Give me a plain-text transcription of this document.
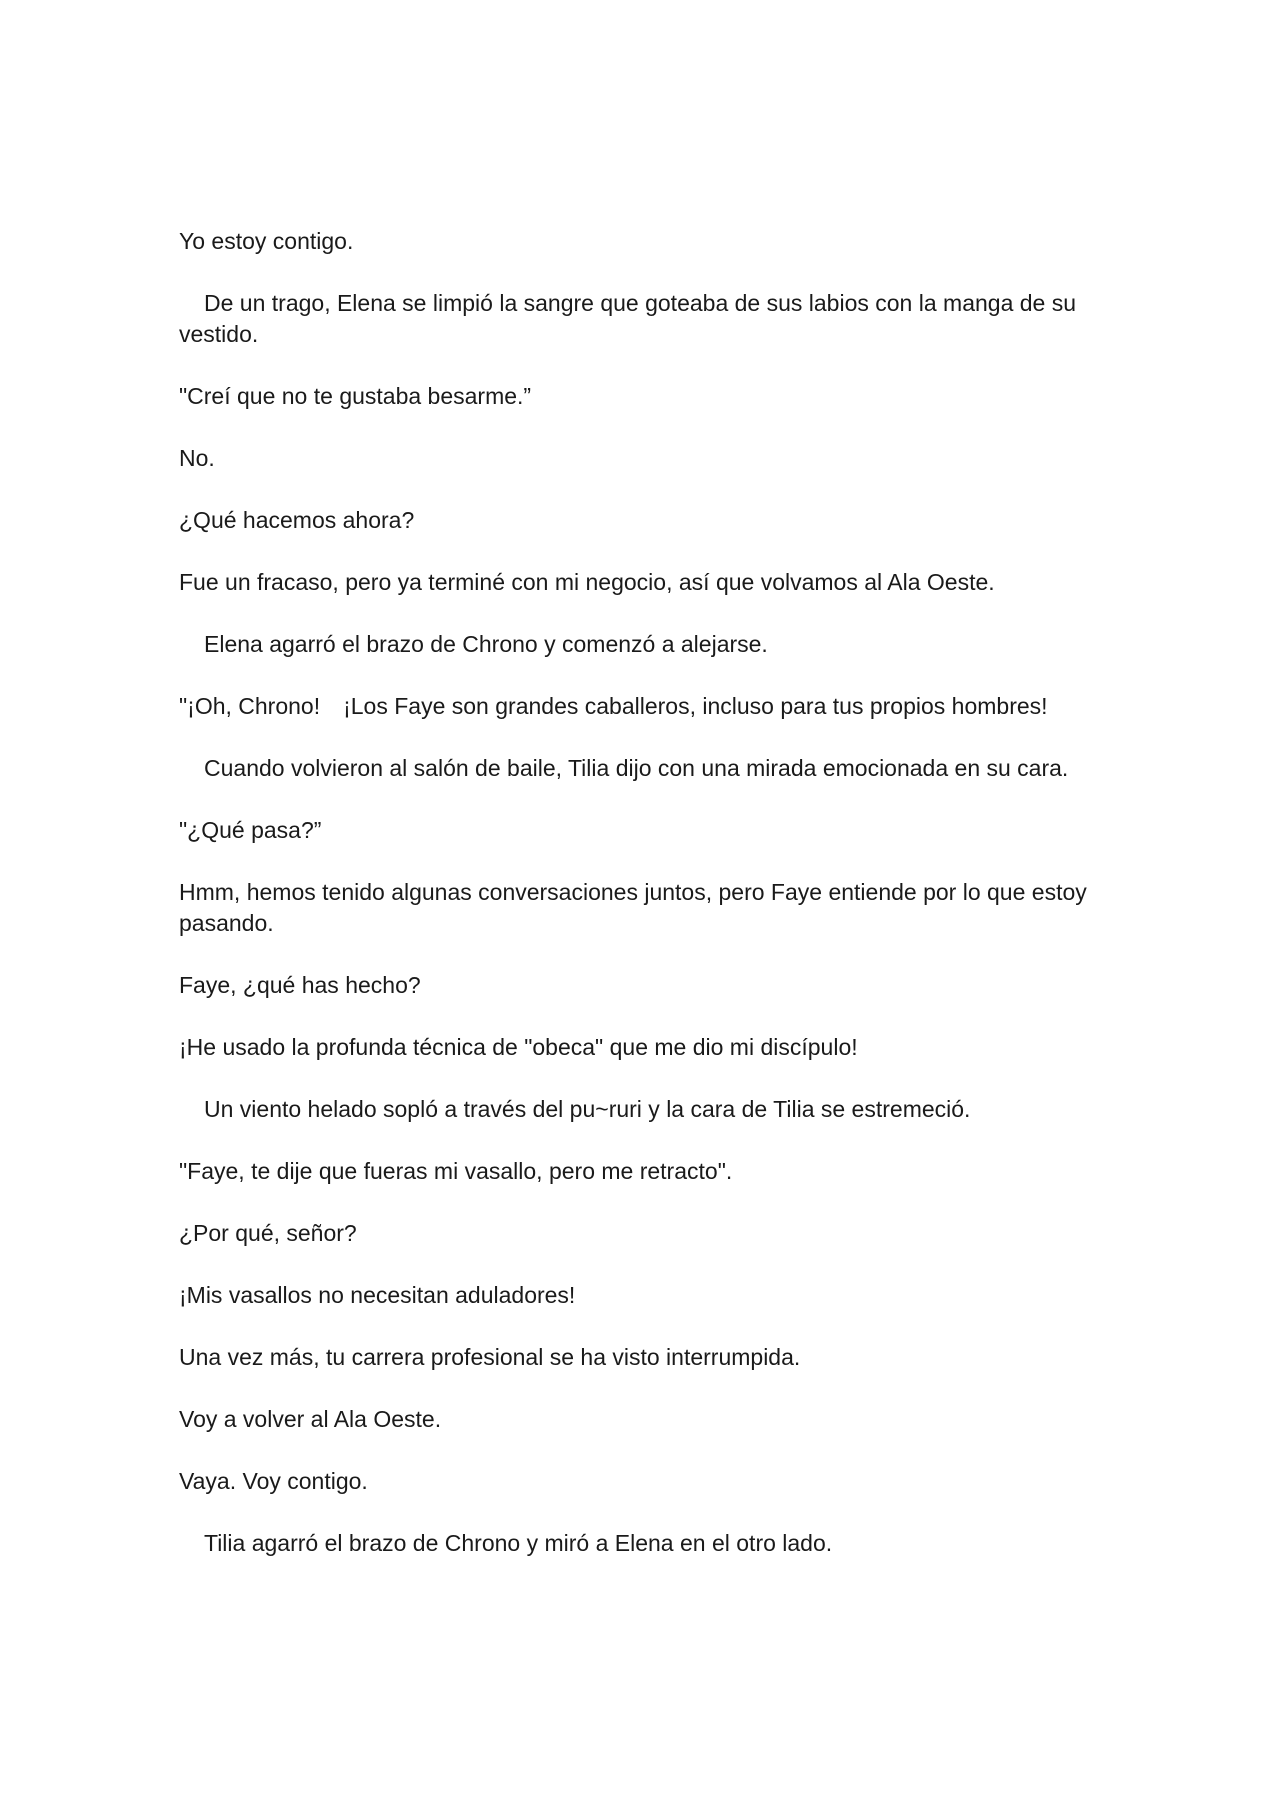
Yo estoy contigo.

De un trago, Elena se limpió la sangre que goteaba de sus labios con la manga de su vestido.

"Creí que no te gustaba besarme.”

No.

¿Qué hacemos ahora?

Fue un fracaso, pero ya terminé con mi negocio, así que volvamos al Ala Oeste.

Elena agarró el brazo de Chrono y comenzó a alejarse.

"¡Oh, Chrono!　¡Los Faye son grandes caballeros, incluso para tus propios hombres!

Cuando volvieron al salón de baile, Tilia dijo con una mirada emocionada en su cara.

"¿Qué pasa?”

Hmm, hemos tenido algunas conversaciones juntos, pero Faye entiende por lo que estoy pasando.

Faye, ¿qué has hecho?

¡He usado la profunda técnica de "obeca" que me dio mi discípulo!

Un viento helado sopló a través del pu~ruri y la cara de Tilia se estremeció.

"Faye, te dije que fueras mi vasallo, pero me retracto".

¿Por qué, señor?

¡Mis vasallos no necesitan aduladores!

Una vez más, tu carrera profesional se ha visto interrumpida.

Voy a volver al Ala Oeste.

Vaya. Voy contigo.

Tilia agarró el brazo de Chrono y miró a Elena en el otro lado.
